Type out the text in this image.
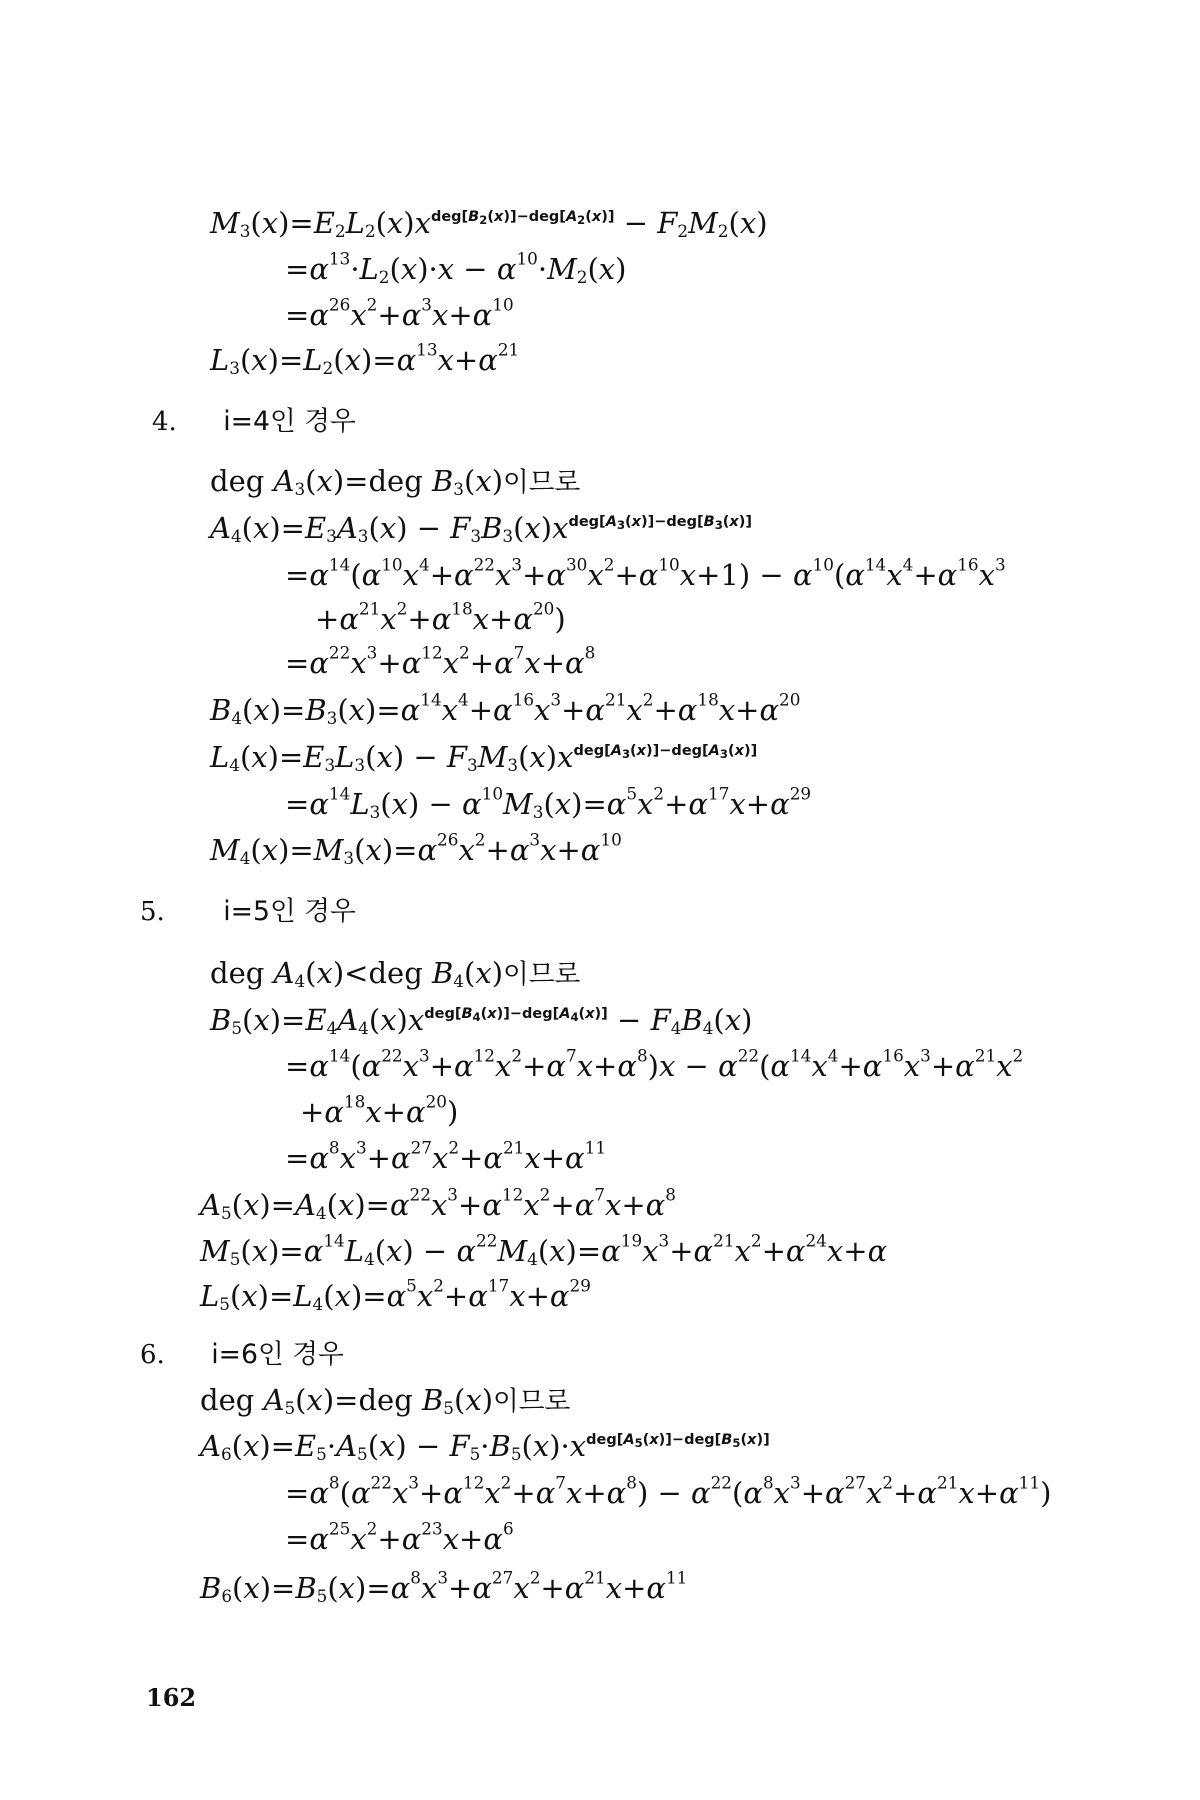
$M_3(x)=E_2L_2(x)x^{deg[B_2(x)]-deg[A_2(x)]} - F_2M_2(x)$
$=\alpha^{13}\cdot L_2(x)\cdot x - \alpha^{10}\cdot M_2(x)$
$=\alpha^{26}x^2+\alpha^3x+\alpha^{10}$
$L_3(x)=L_2(x)=\alpha^{13}x+\alpha^{21}$
4. i=4인 경우
deg $A_3(x)=deg$ $B_3(x)$이므로
$A_4(x)=E_3A_3(x) - F_3B_3(x)x^{deg[A_3(x)]-deg[B_3(x)]}$
$=\alpha^{14}(\alpha^{10}x^4+\alpha^{22}x^3+\alpha^{30}x^2+\alpha^{10}x+1) - \alpha^{10}(\alpha^{14}x^4+\alpha^{16}x^3$
$+\alpha^{21}x^2+\alpha^{18}x+\alpha^{20}$)
$=\alpha^{22}x^3+\alpha^{12}x^2+\alpha^7x+\alpha^8$
$B_4(x)=B_3(x)=\alpha^{14}x^4+\alpha^{16}x^3+\alpha^{21}x^2+\alpha^{18}x+\alpha^{20}$
$L_4(x)=E_3L_3(x) - F_3M_3(x)x^{deg[A_3(x)]-deg[A_3(x)]}$
$=\alpha^{14}L_3(x) - \alpha^{10}M_3(x)=\alpha^5x^2+\alpha^{17}x+\alpha^{29}$
$M_4(x)=M_3(x)=\alpha^{26}x^2+\alpha^3x+\alpha^{10}$
5. i=5인 경우
deg $A_4(x)<deg$ $B_4(x)$이므로
$B_5(x)=E_4A_4(x)x^{deg[B_4(x)]-deg[A_4(x)]} - F_4B_4(x)$
$=\alpha^{14}(\alpha^{22}x^3+\alpha^{12}x^2+\alpha^7x+\alpha^8)x - \alpha^{22}(\alpha^{14}x^4+\alpha^{16}x^3+\alpha^{21}x^2$
$+\alpha^{18}x+\alpha^{20}$)
$=\alpha^8x^3+\alpha^{27}x^2+\alpha^{21}x+\alpha^{11}$
$A_5(x)=A_4(x)=\alpha^{22}x^3+\alpha^{12}x^2+\alpha^7x+\alpha^8$
$M_5(x)=\alpha^{14}L_4(x) - \alpha^{22}M_4(x)=\alpha^{19}x^3+\alpha^{21}x^2+\alpha^{24}x+\alpha$
$L_5(x)=L_4(x)=\alpha^5x^2+\alpha^{17}x+\alpha^{29}$
6. i=6인 경우
deg $A_5(x)=deg$ $B_5(x)$이므로
$A_6(x)=E_5\cdot A_5(x) - F_5\cdot B_5(x)\cdot x^{deg[A_5(x)]-deg[B_5(x)]}$
$=\alpha^8(\alpha^{22}x^3+\alpha^{12}x^2+\alpha^7x+\alpha^8) - \alpha^{22}(\alpha^8x^3+\alpha^{27}x^2+\alpha^{21}x+\alpha^{11})$
$=\alpha^{25}x^2+\alpha^{23}x+\alpha^6$
$B_6(x)=B_5(x)=\alpha^8x^3+\alpha^{27}x^2+\alpha^{21}x+\alpha^{11}$
162
